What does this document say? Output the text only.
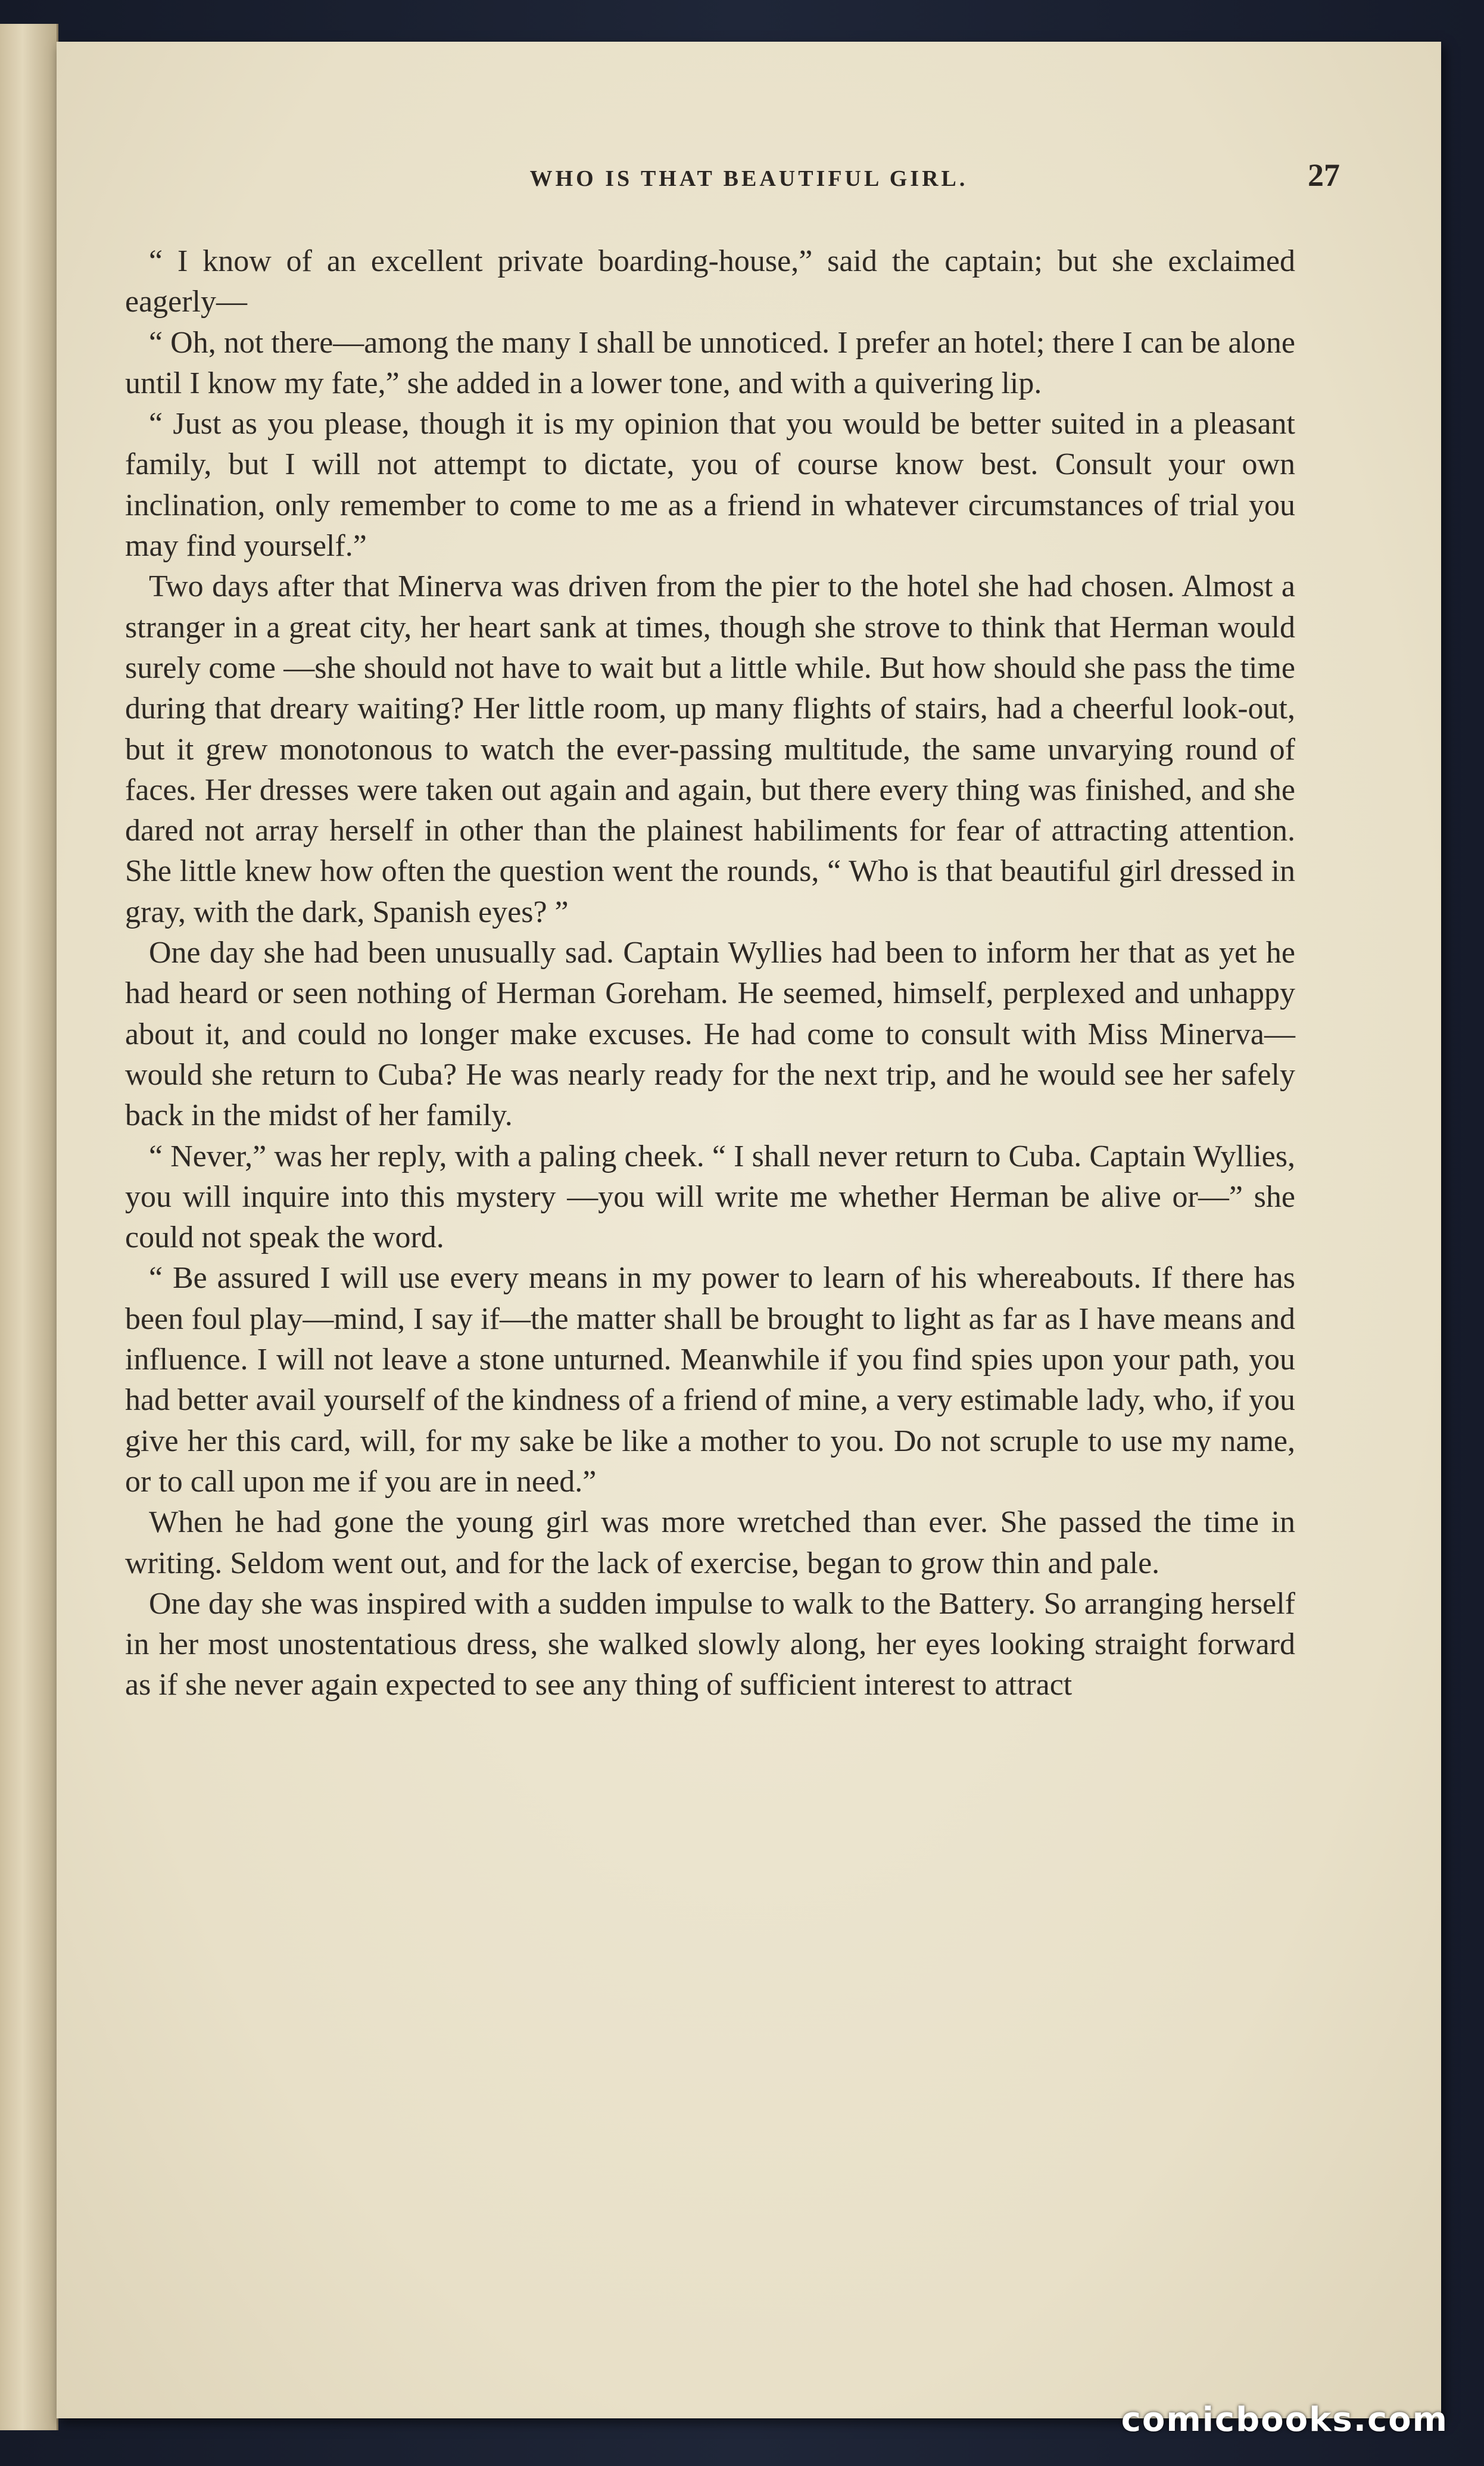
WHO IS THAT BEAUTIFUL GIRL.	27

“ I know of an excellent private boarding-house,” said the captain; but she exclaimed eagerly—

“ Oh, not there—among the many I shall be unnoticed. I prefer an hotel; there I can be alone until I know my fate,” she added in a lower tone, and with a quivering lip.

“ Just as you please, though it is my opinion that you would be better suited in a pleasant family, but I will not attempt to dictate, you of course know best. Consult your own inclination, only remember to come to me as a friend in whatever circumstances of trial you may find yourself.”

Two days after that Minerva was driven from the pier to the hotel she had chosen. Almost a stranger in a great city, her heart sank at times, though she strove to think that Herman would surely come —she should not have to wait but a little while. But how should she pass the time during that dreary waiting? Her little room, up many flights of stairs, had a cheerful look-out, but it grew monotonous to watch the ever-passing multitude, the same unvarying round of faces. Her dresses were taken out again and again, but there every thing was finished, and she dared not array herself in other than the plainest habiliments for fear of attracting attention. She little knew how often the question went the rounds, “ Who is that beautiful girl dressed in gray, with the dark, Spanish eyes? ”

One day she had been unusually sad. Captain Wyllies had been to inform her that as yet he had heard or seen nothing of Herman Goreham. He seemed, himself, perplexed and unhappy about it, and could no longer make excuses. He had come to consult with Miss Minerva—would she return to Cuba? He was nearly ready for the next trip, and he would see her safely back in the midst of her family.

“ Never,” was her reply, with a paling cheek. “ I shall never return to Cuba. Captain Wyllies, you will inquire into this mystery —you will write me whether Herman be alive or—” she could not speak the word.

“ Be assured I will use every means in my power to learn of his whereabouts. If there has been foul play—mind, I say if—the matter shall be brought to light as far as I have means and influence. I will not leave a stone unturned. Meanwhile if you find spies upon your path, you had better avail yourself of the kindness of a friend of mine, a very estimable lady, who, if you give her this card, will, for my sake be like a mother to you. Do not scruple to use my name, or to call upon me if you are in need.”

When he had gone the young girl was more wretched than ever. She passed the time in writing. Seldom went out, and for the lack of exercise, began to grow thin and pale.

One day she was inspired with a sudden impulse to walk to the Battery. So arranging herself in her most unostentatious dress, she walked slowly along, her eyes looking straight forward as if she never again expected to see any thing of sufficient interest to attract

comicbooks.com
